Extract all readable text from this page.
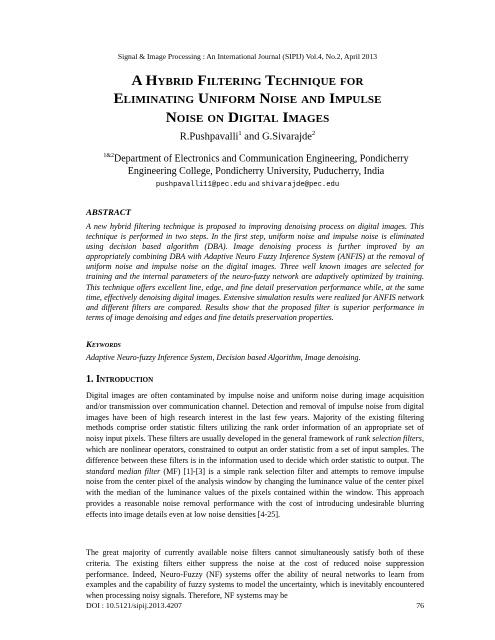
Signal & Image Processing : An International Journal (SIPIJ) Vol.4, No.2, April 2013
A Hybrid Filtering Technique for
Eliminating Uniform Noise and Impulse
Noise on Digital Images
R.Pushpavalli$^1$ and G.Sivarajde$^2$
$^{1\&2}$Department of Electronics and Communication Engineering, Pondicherry
Engineering College, Pondicherry University, Puducherry, India
pushpavalli11@pec.edu and shivarajde@pec.edu
ABSTRACT
A new hybrid filtering technique is proposed to improving denoising process on digital images. This technique is performed in two steps. In the first step, uniform noise and impulse noise is eliminated using decision based algorithm (DBA). Image denoising process is further improved by an appropriately combining DBA with Adaptive Neuro Fuzzy Inference System (ANFIS) at the removal of uniform noise and impulse noise on the digital images. Three well known images are selected for training and the internal parameters of the neuro-fuzzy network are adaptively optimized by training. This technique offers excellent line, edge, and fine detail preservation performance while, at the same time, effectively denoising digital images. Extensive simulation results were realized for ANFIS network and different filters are compared. Results show that the proposed filter is superior performance in terms of image denoising and edges and fine details preservation properties.
Keywords
Adaptive Neuro-fuzzy Inference System, Decision based Algorithm, Image denoising.
1. Introduction
Digital images are often contaminated by impulse noise and uniform noise during image acquisition and/or transmission over communication channel. Detection and removal of impulse noise from digital images have been of high research interest in the last few years. Majority of the existing filtering methods comprise order statistic filters utilizing the rank order information of an appropriate set of noisy input pixels. These filters are usually developed in the general framework of rank selection filters, which are nonlinear operators, constrained to output an order statistic from a set of input samples. The difference between these filters is in the information used to decide which order statistic to output. The standard median filter (MF) [1]-[3] is a simple rank selection filter and attempts to remove impulse noise from the center pixel of the analysis window by changing the luminance value of the center pixel with the median of the luminance values of the pixels contained within the window. This approach provides a reasonable noise removal performance with the cost of introducing undesirable blurring effects into image details even at low noise densities [4-25].
The great majority of currently available noise filters cannot simultaneously satisfy both of these criteria. The existing filters either suppress the noise at the cost of reduced noise suppression performance. Indeed, Neuro-Fuzzy (NF) systems offer the ability of neural networks to learn from examples and the capability of fuzzy systems to model the uncertainty, which is inevitably encountered when processing noisy signals. Therefore, NF systems may be
DOI : 10.5121/sipij.2013.4207	76
